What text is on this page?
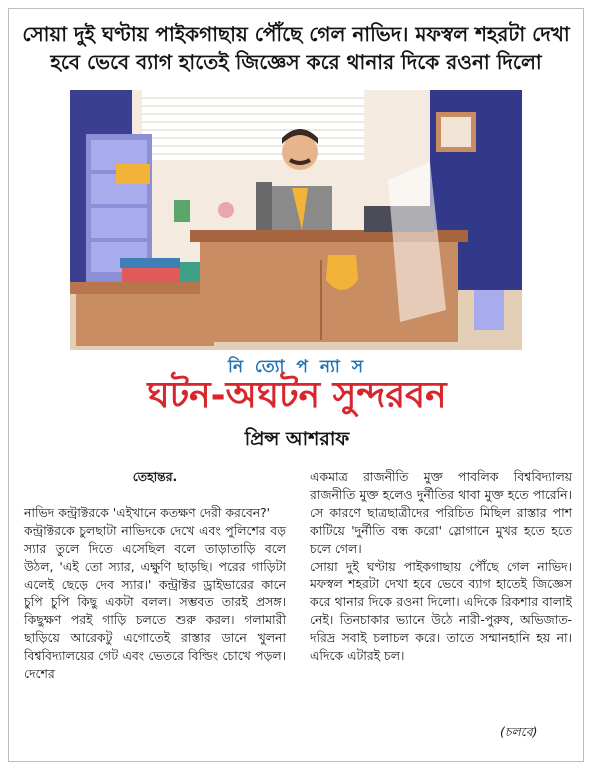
সোয়া দুই ঘণ্টায় পাইকগাছায় পৌঁছে গেল নাভিদ। মফস্বল শহরটা দেখা
হবে ভেবে ব্যাগ হাতেই জিজ্ঞেস করে থানার দিকে রওনা দিলো
নি ত্যো প ন্যা স
ঘটন-অঘটন সুন্দরবন
প্রিন্স আশরাফ

তেহান্তর.

নাভিদ কন্ট্রাক্টরকে 'এইখানে কতক্ষণ দেরী করবেন?'

কন্ট্রাক্টরকে চুলছাটা নাভিদকে দেখে এবং পুলিশের বড় স্যার তুলে দিতে এসেছিল বলে তাড়াতাড়ি বলে উঠল, 'এই তো স্যার, এক্ষুণি ছাড়ছি। পরের গাড়িটা এলেই ছেড়ে দেব স্যার।' কন্ট্রাক্টর ড্রাইভারের কানে চুপি চুপি কিছু একটা বলল। সম্ভবত তারই প্রসঙ্গ। কিছুক্ষণ পরই গাড়ি চলতে শুরু করল। গলামারী ছাড়িয়ে আরেকটু এগোতেই রাস্তার ডানে খুলনা বিশ্ববিদ্যালয়ের গেট এবং ভেতরে বিল্ডিং চোখে পড়ল। দেশের

একমাত্র রাজনীতি মুক্ত পাবলিক বিশ্ববিদ্যালয় রাজনীতি মুক্ত হলেও দুর্নীতির থাবা মুক্ত হতে পারেনি। সে কারণে ছাত্রছাত্রীদের পরিচিত মিছিল রাস্তার পাশ কাটিয়ে 'দুর্নীতি বন্ধ করো' স্লোগানে মুখর হতে হতে চলে গেল।

সোয়া দুই ঘণ্টায় পাইকগাছায় পৌঁছে গেল নাভিদ। মফস্বল শহরটা দেখা হবে ভেবে ব্যাগ হাতেই জিজ্ঞেস করে থানার দিকে রওনা দিলো। এদিকে রিকশার বালাই নেই। তিনচাকার ভ্যানে উঠে নারী-পুরুষ, অভিজাত-দরিদ্র সবাই চলাচল করে। তাতে সম্মানহানি হয় না। এদিকে এটারই চল।

(চলবে)
